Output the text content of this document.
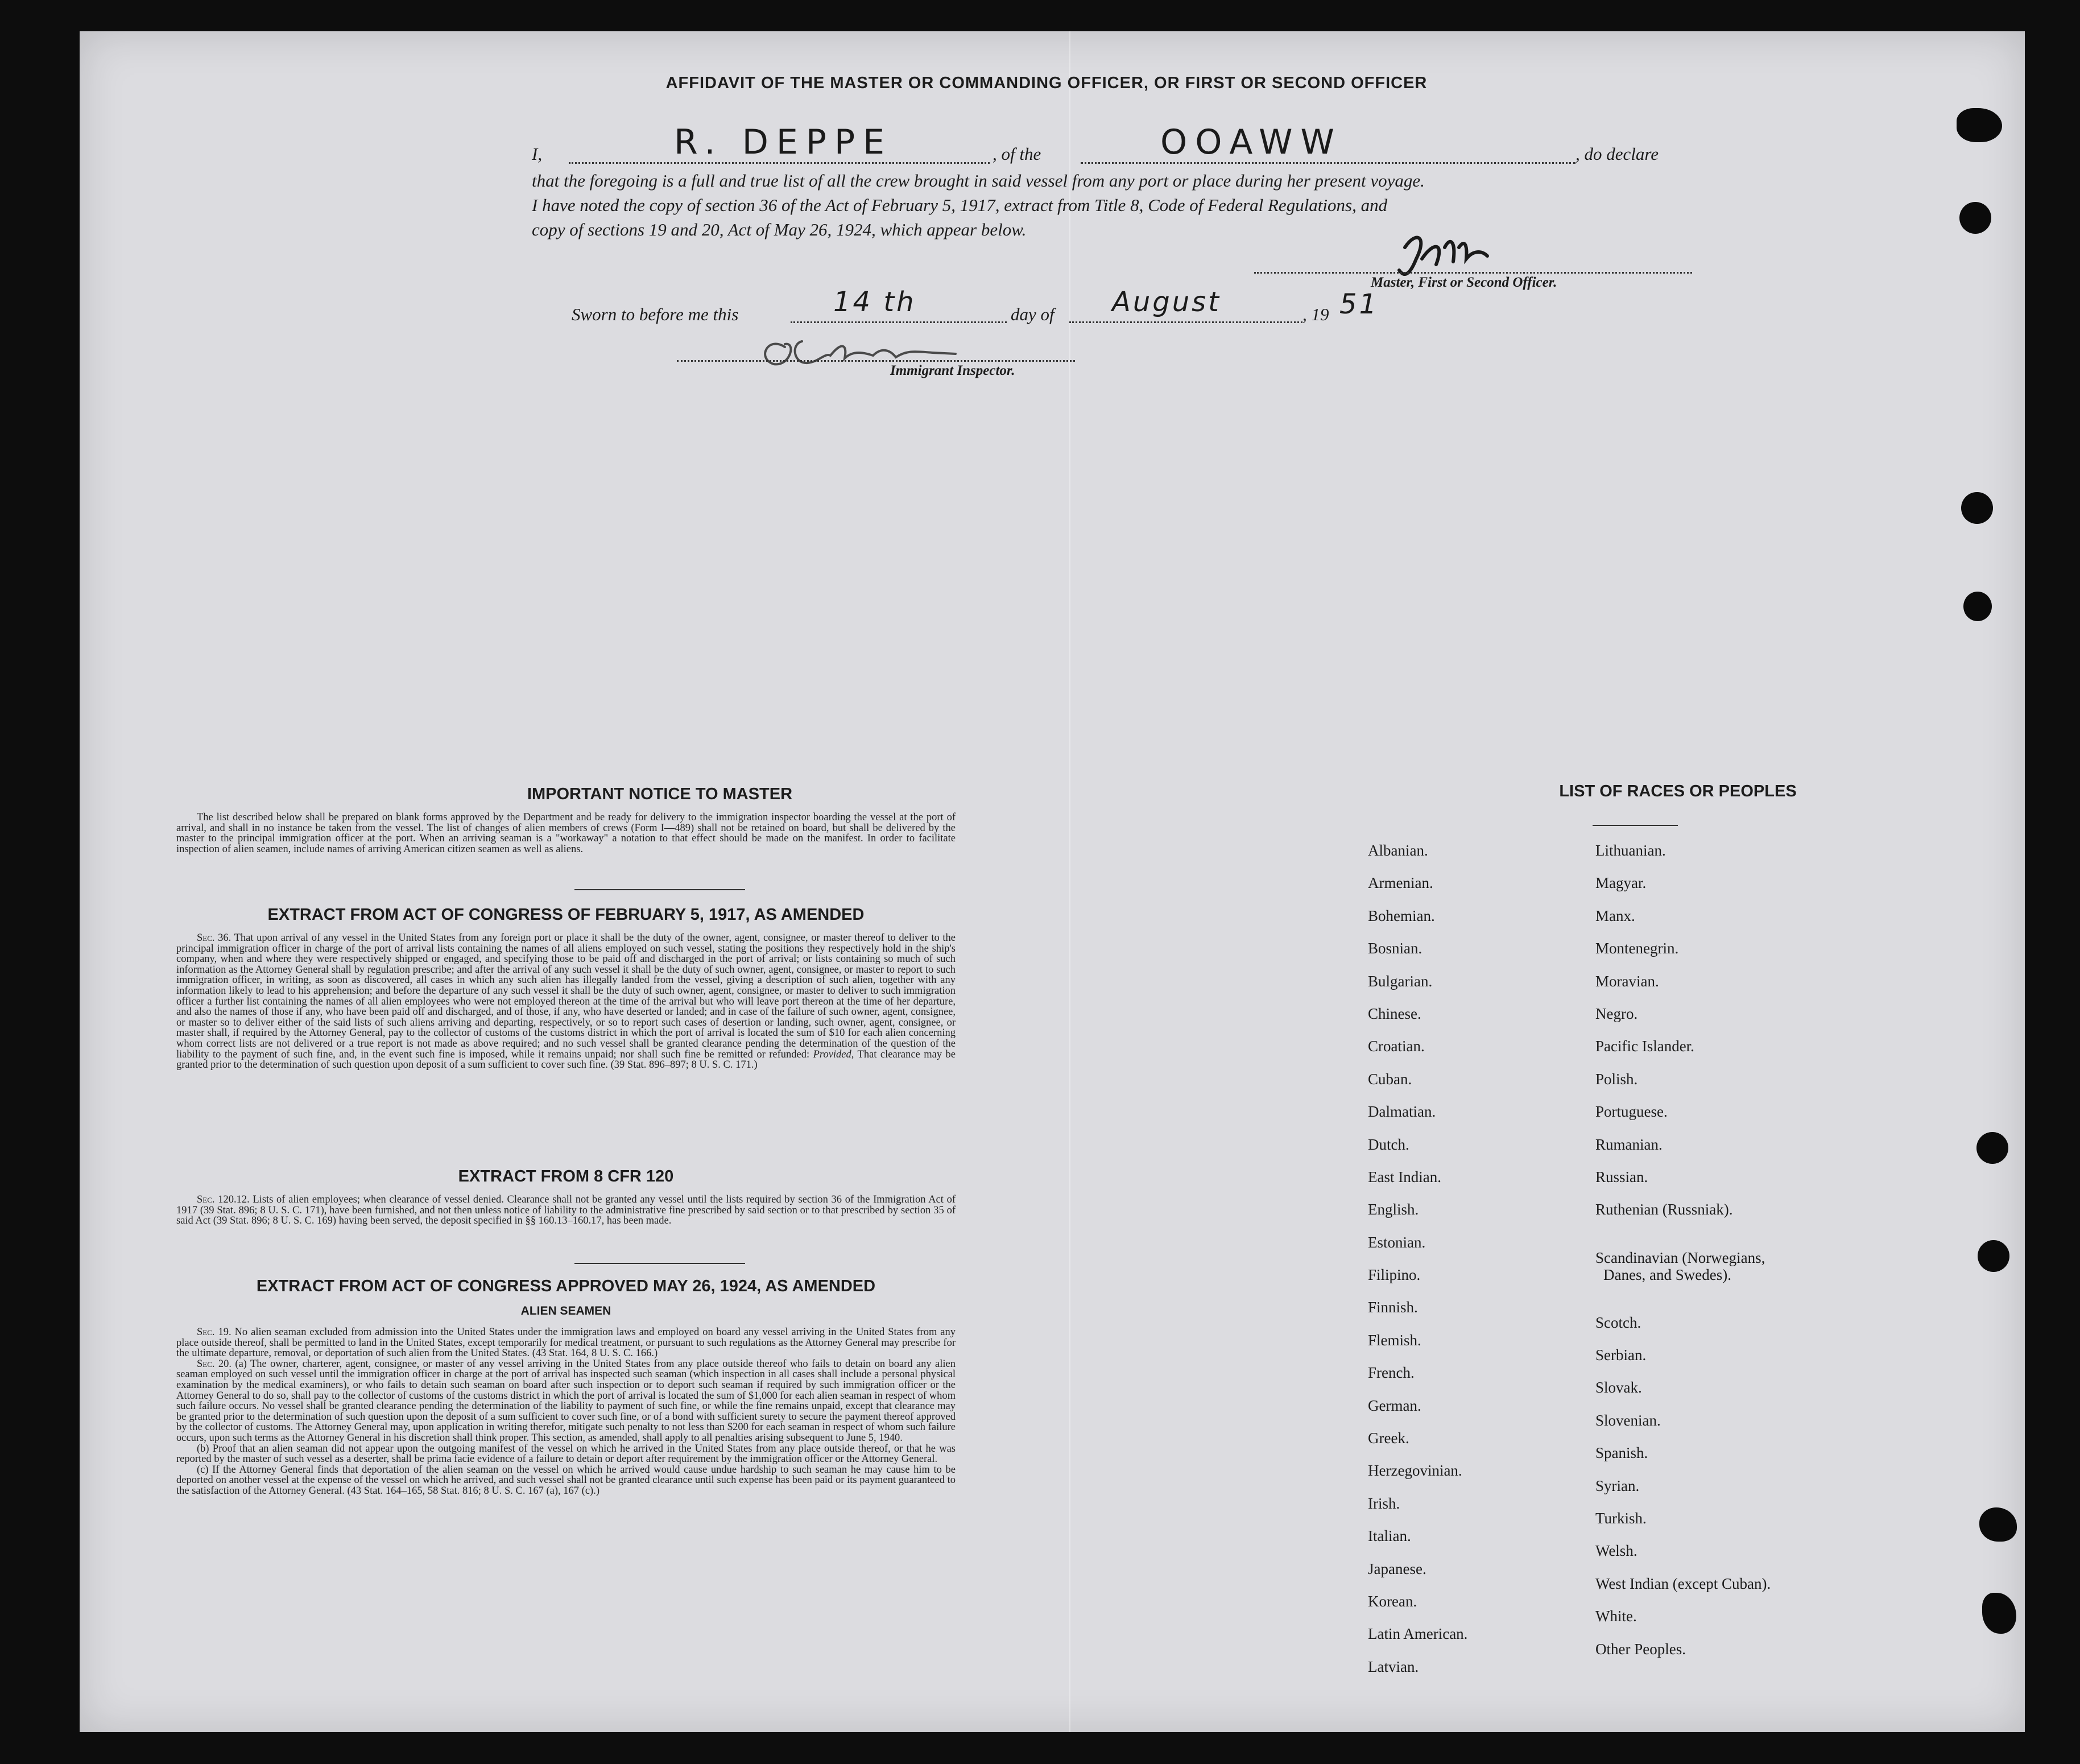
AFFIDAVIT OF THE MASTER OR COMMANDING OFFICER, OR FIRST OR SECOND OFFICER
I,	R. DEPPE	, of the	OOAWW	, do declare
that the foregoing is a full and true list of all the crew brought in said vessel from any port or place during her present voyage.
I have noted the copy of section 36 of the Act of February 5, 1917, extract from Title 8, Code of Federal Regulations, and
copy of sections 19 and 20, Act of May 26, 1924, which appear below.
Master, First or Second Officer.
Sworn to before me this	14 th	day of August	, 19 51
Immigrant Inspector.
IMPORTANT NOTICE TO MASTER

The list described below shall be prepared on blank forms approved by the Department and be ready for delivery to the immigration inspector boarding the vessel at the port of arrival, and shall in no instance be taken from the vessel. The list of changes of alien members of crews (Form I—489) shall not be retained on board, but shall be delivered by the master to the principal immigration officer at the port. When an arriving seaman is a "workaway" a notation to that effect should be made on the manifest. In order to facilitate inspection of alien seamen, include names of arriving American citizen seamen as well as aliens.

EXTRACT FROM ACT OF CONGRESS OF FEBRUARY 5, 1917, AS AMENDED

Sec. 36. That upon arrival of any vessel in the United States from any foreign port or place it shall be the duty of the owner, agent, consignee, or master thereof to deliver to the principal immigration officer in charge of the port of arrival lists containing the names of all aliens employed on such vessel, stating the positions they respectively hold in the ship's company, when and where they were respectively shipped or engaged, and specifying those to be paid off and discharged in the port of arrival; or lists containing so much of such information as the Attorney General shall by regulation prescribe; and after the arrival of any such vessel it shall be the duty of such owner, agent, consignee, or master to report to such immigration officer, in writing, as soon as discovered, all cases in which any such alien has illegally landed from the vessel, giving a description of such alien, together with any information likely to lead to his apprehension; and before the departure of any such vessel it shall be the duty of such owner, agent, consignee, or master to deliver to such immigration officer a further list containing the names of all alien employees who were not employed thereon at the time of the arrival but who will leave port thereon at the time of her departure, and also the names of those if any, who have been paid off and discharged, and of those, if any, who have deserted or landed; and in case of the failure of such owner, agent, consignee, or master so to deliver either of the said lists of such aliens arriving and departing, respectively, or so to report such cases of desertion or landing, such owner, agent, consignee, or master shall, if required by the Attorney General, pay to the collector of customs of the customs district in which the port of arrival is located the sum of $10 for each alien concerning whom correct lists are not delivered or a true report is not made as above required; and no such vessel shall be granted clearance pending the determination of the question of the liability to the payment of such fine, and, in the event such fine is imposed, while it remains unpaid; nor shall such fine be remitted or refunded: Provided, That clearance may be granted prior to the determination of such question upon deposit of a sum sufficient to cover such fine. (39 Stat. 896–897; 8 U. S. C. 171.)

EXTRACT FROM 8 CFR 120

Sec. 120.12. Lists of alien employees; when clearance of vessel denied. Clearance shall not be granted any vessel until the lists required by section 36 of the Immigration Act of 1917 (39 Stat. 896; 8 U. S. C. 171), have been furnished, and not then unless notice of liability to the administrative fine prescribed by said section or to that prescribed by section 35 of said Act (39 Stat. 896; 8 U. S. C. 169) having been served, the deposit specified in §§ 160.13–160.17, has been made.

EXTRACT FROM ACT OF CONGRESS APPROVED MAY 26, 1924, AS AMENDED
ALIEN SEAMEN

Sec. 19. No alien seaman excluded from admission into the United States under the immigration laws and employed on board any vessel arriving in the United States from any place outside thereof, shall be permitted to land in the United States, except temporarily for medical treatment, or pursuant to such regulations as the Attorney General may prescribe for the ultimate departure, removal, or deportation of such alien from the United States. (43 Stat. 164, 8 U. S. C. 166.)

Sec. 20. (a) The owner, charterer, agent, consignee, or master of any vessel arriving in the United States from any place outside thereof who fails to detain on board any alien seaman employed on such vessel until the immigration officer in charge at the port of arrival has inspected such seaman (which inspection in all cases shall include a personal physical examination by the medical examiners), or who fails to detain such seaman on board after such inspection or to deport such seaman if required by such immigration officer or the Attorney General to do so, shall pay to the collector of customs of the customs district in which the port of arrival is located the sum of $1,000 for each alien seaman in respect of whom such failure occurs. No vessel shall be granted clearance pending the determination of the liability to payment of such fine, or while the fine remains unpaid, except that clearance may be granted prior to the determination of such question upon the deposit of a sum sufficient to cover such fine, or of a bond with sufficient surety to secure the payment thereof approved by the collector of customs. The Attorney General may, upon application in writing therefor, mitigate such penalty to not less than $200 for each seaman in respect of whom such failure occurs, upon such terms as the Attorney General in his discretion shall think proper. This section, as amended, shall apply to all penalties arising subsequent to June 5, 1940.

(b) Proof that an alien seaman did not appear upon the outgoing manifest of the vessel on which he arrived in the United States from any place outside thereof, or that he was reported by the master of such vessel as a deserter, shall be prima facie evidence of a failure to detain or deport after requirement by the immigration officer or the Attorney General.

(c) If the Attorney General finds that deportation of the alien seaman on the vessel on which he arrived would cause undue hardship to such seaman he may cause him to be deported on another vessel at the expense of the vessel on which he arrived, and such vessel shall not be granted clearance until such expense has been paid or its payment guaranteed to the satisfaction of the Attorney General. (43 Stat. 164–165, 58 Stat. 816; 8 U. S. C. 167 (a), 167 (c).)

LIST OF RACES OR PEOPLES
Albanian.
Armenian.
Bohemian.
Bosnian.
Bulgarian.
Chinese.
Croatian.
Cuban.
Dalmatian.
Dutch.
East Indian.
English.
Estonian.
Filipino.
Finnish.
Flemish.
French.
German.
Greek.
Herzegovinian.
Irish.
Italian.
Japanese.
Korean.
Latin American.
Latvian.
Lithuanian.
Magyar.
Manx.
Montenegrin.
Moravian.
Negro.
Pacific Islander.
Polish.
Portuguese.
Rumanian.
Russian.
Ruthenian (Russniak).
Scandinavian (Norwegians,
Danes, and Swedes).
Scotch.
Serbian.
Slovak.
Slovenian.
Spanish.
Syrian.
Turkish.
Welsh.
West Indian (except Cuban).
White.
Other Peoples.
